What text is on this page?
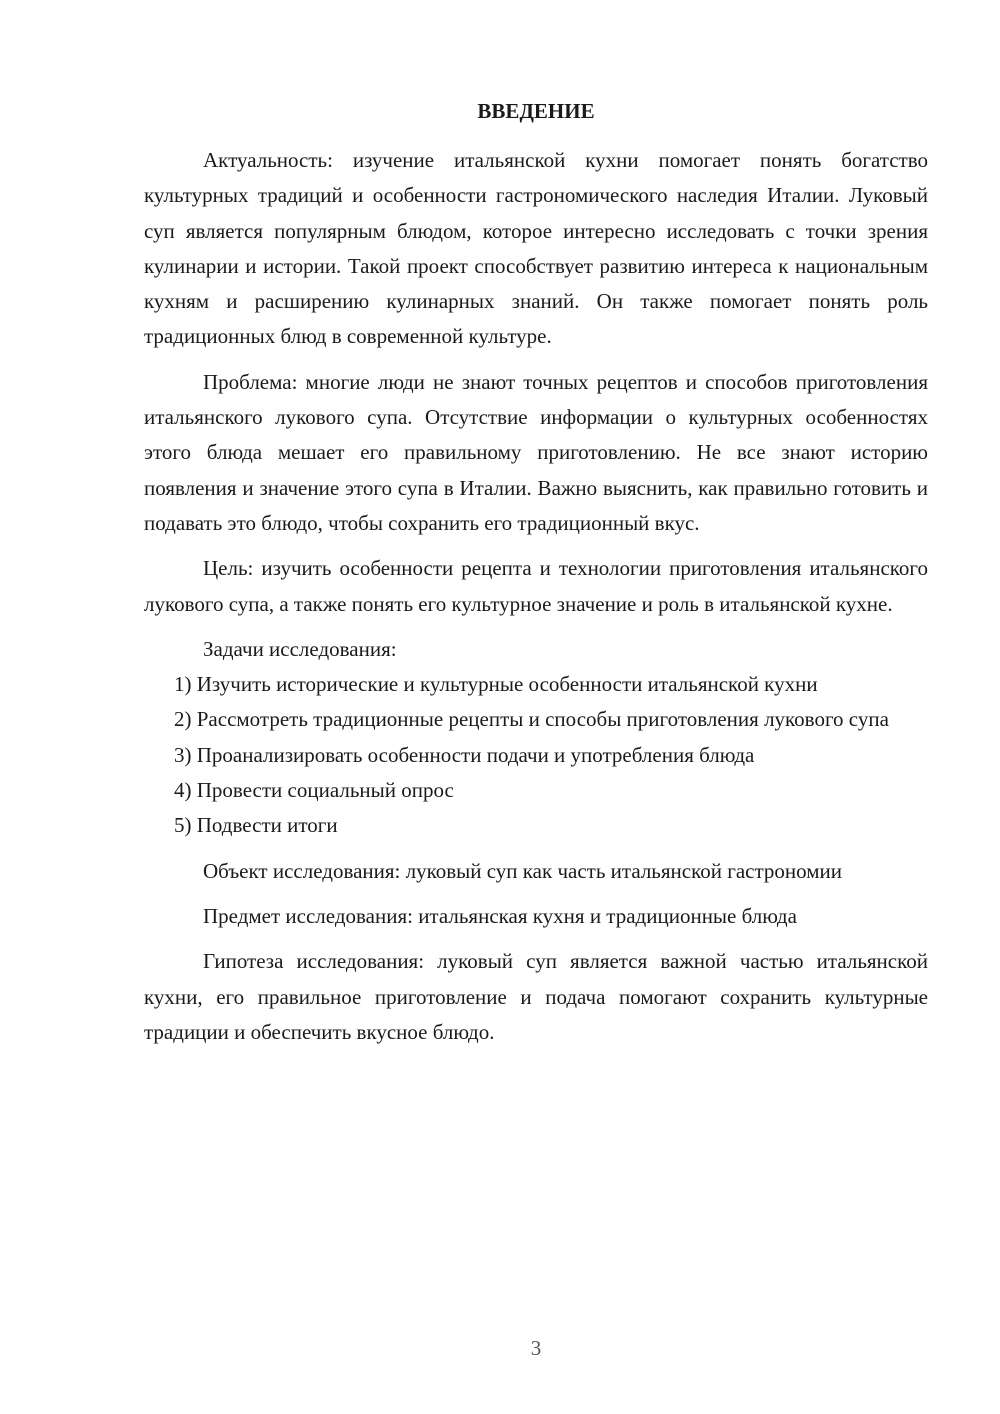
ВВЕДЕНИЕ

Актуальность: изучение итальянской кухни помогает понять богатство культурных традиций и особенности гастрономического наследия Италии. Луковый суп является популярным блюдом, которое интересно исследовать с точки зрения кулинарии и истории. Такой проект способствует развитию интереса к национальным кухням и расширению кулинарных знаний. Он также помогает понять роль традиционных блюд в современной культуре.

Проблема: многие люди не знают точных рецептов и способов приготовления итальянского лукового супа. Отсутствие информации о культурных особенностях этого блюда мешает его правильному приготовлению. Не все знают историю появления и значение этого супа в Италии. Важно выяснить, как правильно готовить и подавать это блюдо, чтобы сохранить его традиционный вкус.

Цель: изучить особенности рецепта и технологии приготовления итальянского лукового супа, а также понять его культурное значение и роль в итальянской кухне.

Задачи исследования:

1) Изучить исторические и культурные особенности итальянской кухни

2) Рассмотреть традиционные рецепты и способы приготовления лукового супа

3) Проанализировать особенности подачи и употребления блюда

4) Провести социальный опрос

5) Подвести итоги

Объект исследования: луковый суп как часть итальянской гастрономии

Предмет исследования: итальянская кухня и традиционные блюда

Гипотеза исследования: луковый суп является важной частью итальянской кухни, его правильное приготовление и подача помогают сохранить культурные традиции и обеспечить вкусное блюдо.

3
